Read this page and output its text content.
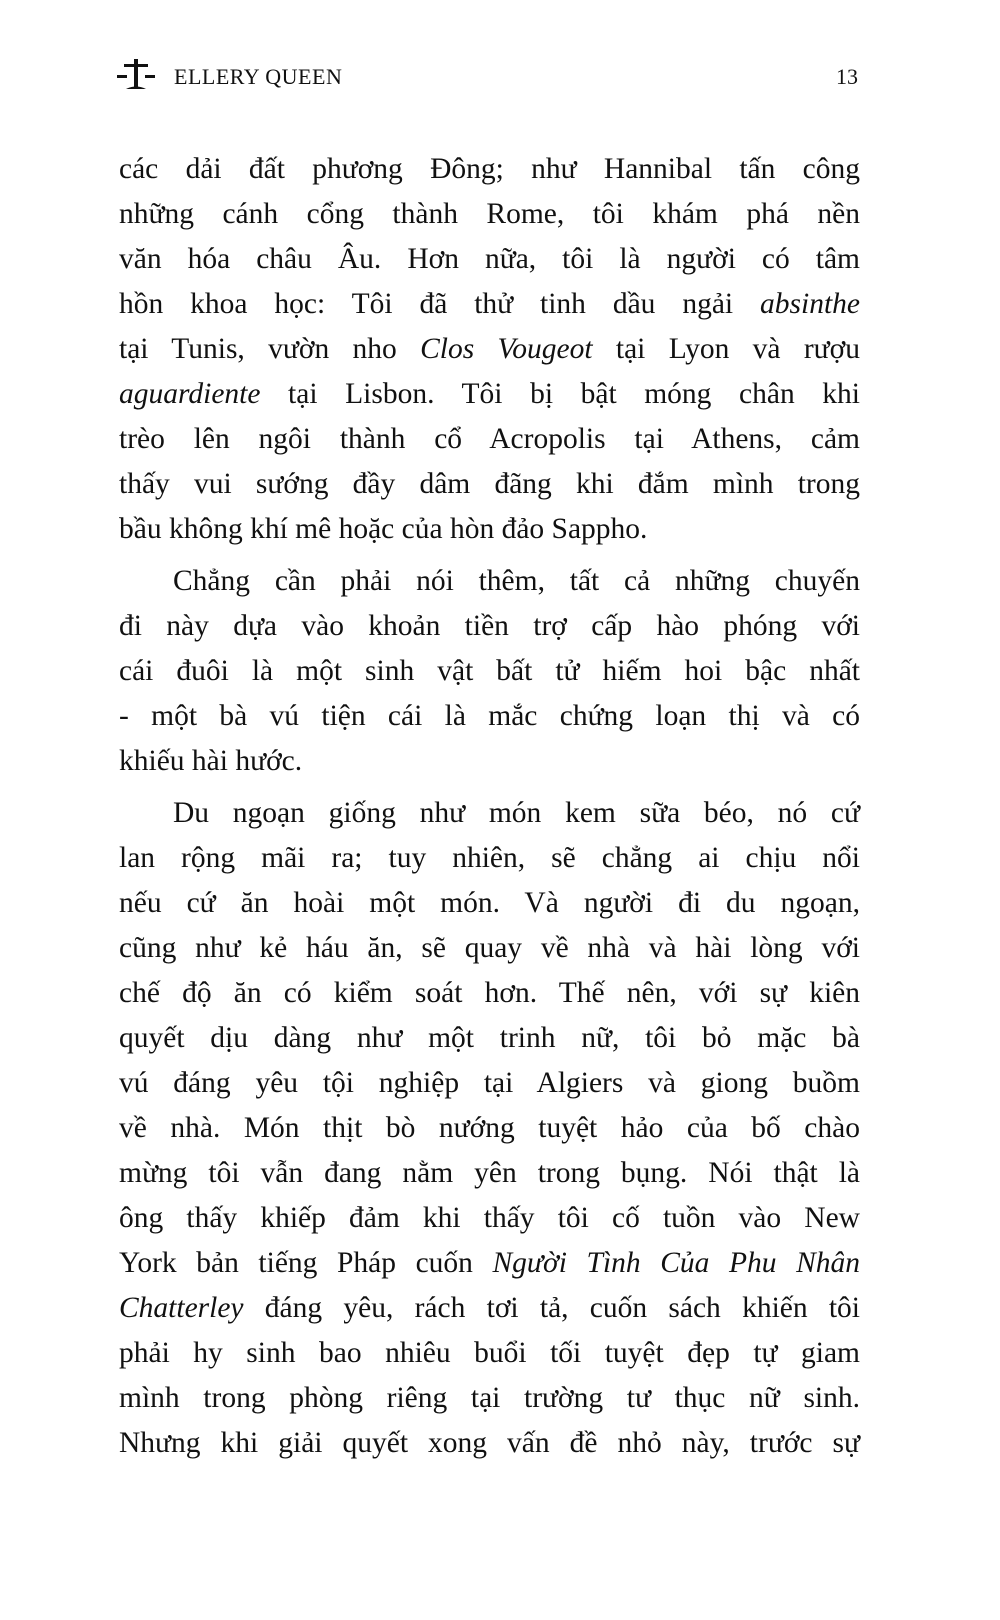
ELLERY QUEEN	13
các dải đất phương Đông; như Hannibal tấn công
những cánh cổng thành Rome, tôi khám phá nền
văn hóa châu Âu. Hơn nữa, tôi là người có tâm
hồn khoa học: Tôi đã thử tinh dầu ngải absinthe
tại Tunis, vườn nho Clos Vougeot tại Lyon và rượu
aguardiente tại Lisbon. Tôi bị bật móng chân khi
trèo lên ngôi thành cổ Acropolis tại Athens, cảm
thấy vui sướng đầy dâm đãng khi đắm mình trong
bầu không khí mê hoặc của hòn đảo Sappho.
Chẳng cần phải nói thêm, tất cả những chuyến
đi này dựa vào khoản tiền trợ cấp hào phóng với
cái đuôi là một sinh vật bất tử hiếm hoi bậc nhất
- một bà vú tiện cái là mắc chứng loạn thị và có
khiếu hài hước.
Du ngoạn giống như món kem sữa béo, nó cứ
lan rộng mãi ra; tuy nhiên, sẽ chẳng ai chịu nổi
nếu cứ ăn hoài một món. Và người đi du ngoạn,
cũng như kẻ háu ăn, sẽ quay về nhà và hài lòng với
chế độ ăn có kiểm soát hơn. Thế nên, với sự kiên
quyết dịu dàng như một trinh nữ, tôi bỏ mặc bà
vú đáng yêu tội nghiệp tại Algiers và giong buồm
về nhà. Món thịt bò nướng tuyệt hảo của bố chào
mừng tôi vẫn đang nằm yên trong bụng. Nói thật là
ông thấy khiếp đảm khi thấy tôi cố tuồn vào New
York bản tiếng Pháp cuốn Người Tình Của Phu Nhân
Chatterley đáng yêu, rách tơi tả, cuốn sách khiến tôi
phải hy sinh bao nhiêu buổi tối tuyệt đẹp tự giam
mình trong phòng riêng tại trường tư thục nữ sinh.
Nhưng khi giải quyết xong vấn đề nhỏ này, trước sự
